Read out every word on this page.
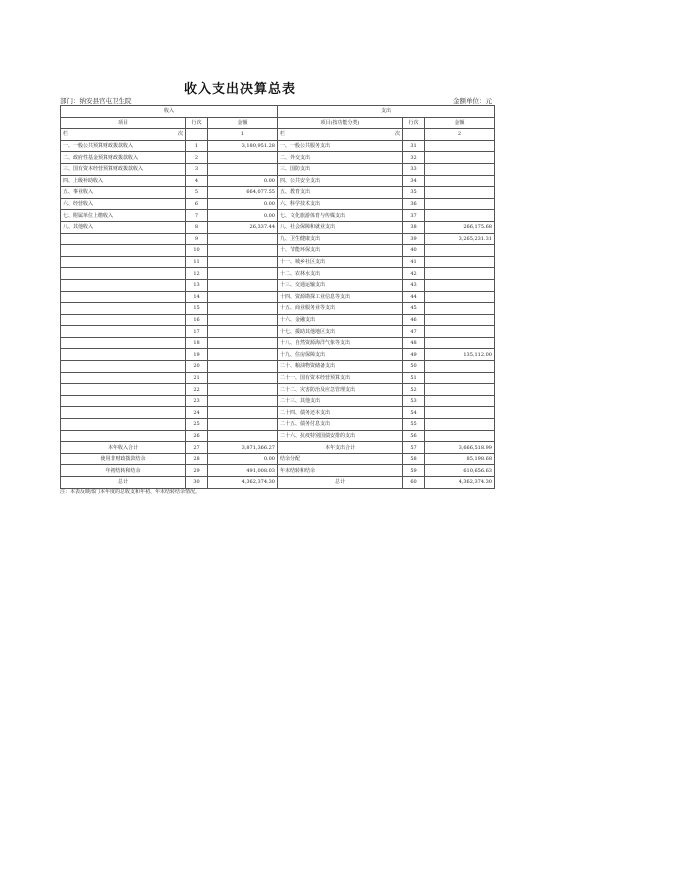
收入支出决算总表
部门：纳安县官屯卫生院	金额单位：元
收入			支出		
项目	行次	金额	项目(按功能分类)	行次	金额
栏 次		1	栏 次		2
一、一般公共预算财政拨款收入	1	3,180,951.28	一、一般公共服务支出	31	
二、政府性基金预算财政拨款收入	2		二、外交支出	32	
三、国有资本经营预算财政拨款收入	3		三、国防支出	33	
四、上级补助收入	4	0.00	四、公共安全支出	34	
五、事业收入	5	664,077.55	五、教育支出	35	
六、经营收入	6	0.00	六、科学技术支出	36	
七、附属单位上缴收入	7	0.00	七、文化旅游体育与传媒支出	37	
八、其他收入	8	26,337.44	八、社会保障和就业支出	38	266,175.68
	9		九、卫生健康支出	39	3,265,231.31
	10		十、节能环保支出	40	
	11		十一、城乡社区支出	41	
	12		十二、农林水支出	42	
	13		十三、交通运输支出	43	
	14		十四、资源勘探工业信息等支出	44	
	15		十五、商业服务业等支出	45	
	16		十六、金融支出	46	
	17		十七、援助其他地区支出	47	
	18		十八、自然资源海洋气象等支出	48	
	19		十九、住房保障支出	49	135,112.00
	20		二十、粮油物资储备支出	50	
	21		二十一、国有资本经营预算支出	51	
	22		二十二、灾害防治及应急管理支出	52	
	23		二十三、其他支出	53	
	24		二十四、债务还本支出	54	
	25		二十五、债务付息支出	55	
	26		二十六、抗疫特别国债安排的支出	56	
本年收入合计	27	3,871,366.27	本年支出合计	57	3,666,518.99
使用非财政拨款结余	28	0.00	结余分配	58	85,198.68
年初结转和结余	29	491,008.03	年末结转和结余	59	610,656.63
总计	30	4,362,374.30	总计	60	4,362,374.30
注：本表反映部门本年度的总收支和年初、年末结转结余情况。
